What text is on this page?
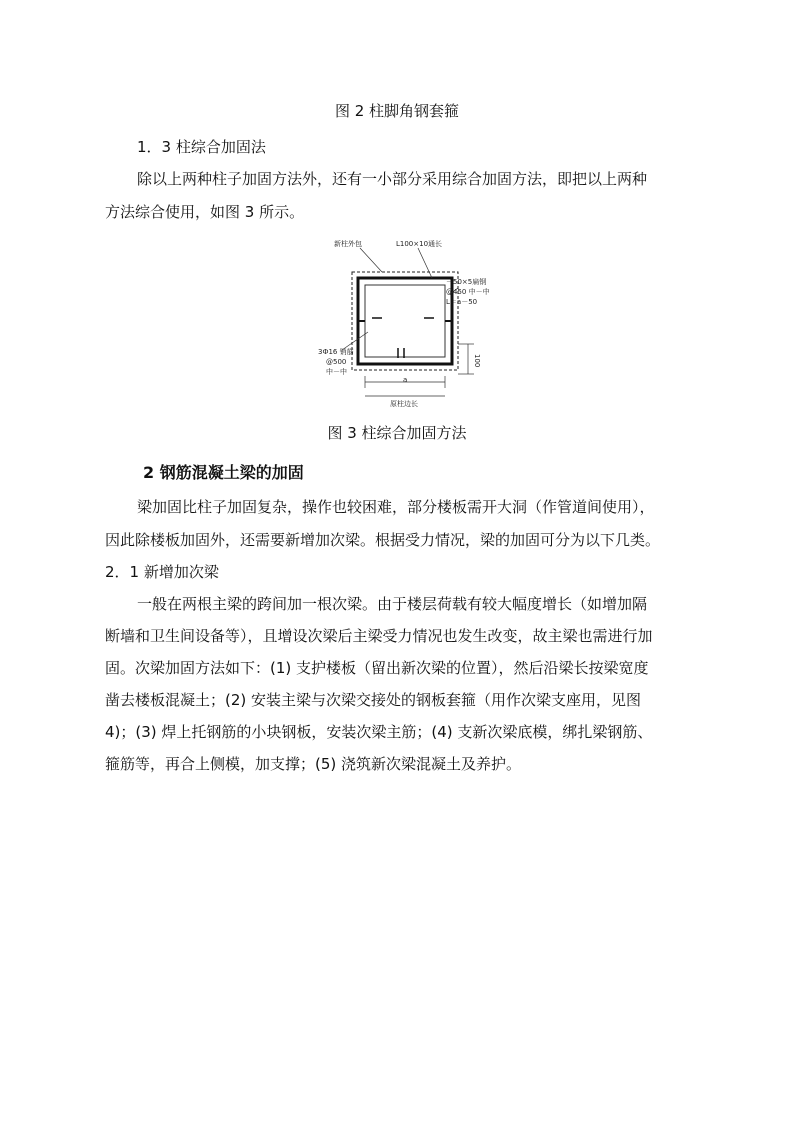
图 2 柱脚角钢套箍
1．3 柱综合加固法
除以上两种柱子加固方法外，还有一小部分采用综合加固方法，即把以上两种
方法综合使用，如图 3 所示。
新柱外包	L100×10通长
－50×5扁钢
@450 中－中
L＝a－50
3Ф16 销筋
@500
中－中
a
100
原柱边长
图 3 柱综合加固方法
2 钢筋混凝土梁的加固
梁加固比柱子加固复杂，操作也较困难，部分楼板需开大洞（作管道间使用），
因此除楼板加固外，还需要新增加次梁。根据受力情况，梁的加固可分为以下几类。
2．1 新增加次梁
一般在两根主梁的跨间加一根次梁。由于楼层荷载有较大幅度增长（如增加隔
断墙和卫生间设备等），且增设次梁后主梁受力情况也发生改变，故主梁也需进行加
固。次梁加固方法如下：(1) 支护楼板（留出新次梁的位置），然后沿梁长按梁宽度
凿去楼板混凝土；(2) 安装主梁与次梁交接处的钢板套箍（用作次梁支座用，见图
4)；(3) 焊上托钢筋的小块钢板，安装次梁主筋；(4) 支新次梁底模，绑扎梁钢筋、
箍筋等，再合上侧模，加支撑；(5) 浇筑新次梁混凝土及养护。
